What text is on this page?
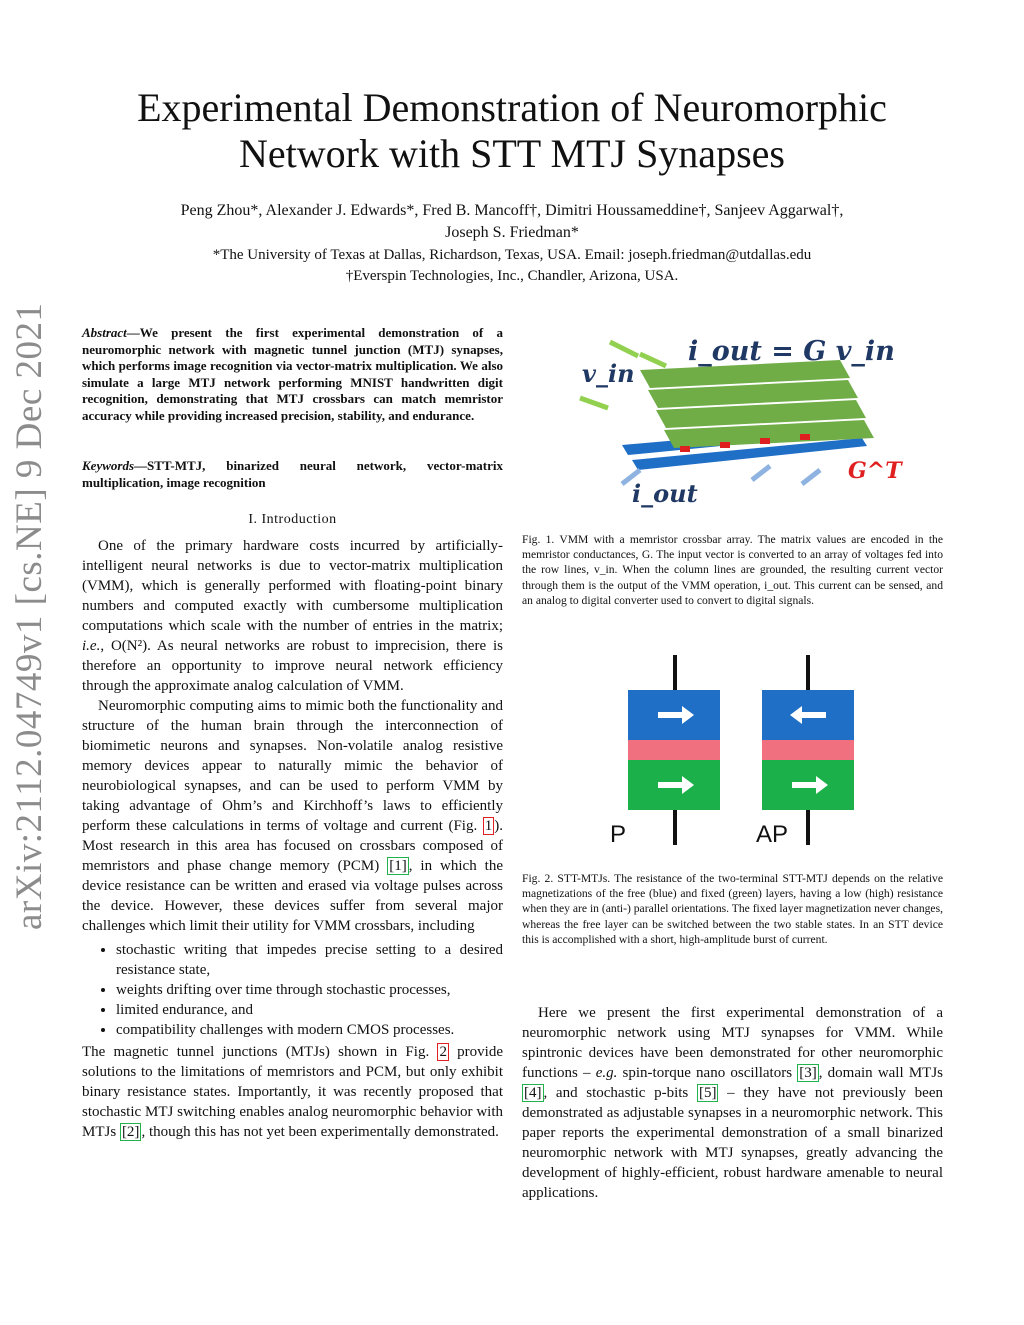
arXiv:2112.04749v1 [cs.NE] 9 Dec 2021
Experimental Demonstration of Neuromorphic
Network with STT MTJ Synapses
Peng Zhou*, Alexander J. Edwards*, Fred B. Mancoff†, Dimitri Houssameddine†, Sanjeev Aggarwal†,
Joseph S. Friedman*
*The University of Texas at Dallas, Richardson, Texas, USA. Email: joseph.friedman@utdallas.edu
†Everspin Technologies, Inc., Chandler, Arizona, USA.
Abstract—We present the first experimental demonstration of a neuromorphic network with magnetic tunnel junction (MTJ) synapses, which performs image recognition via vector-matrix multiplication. We also simulate a large MTJ network performing MNIST handwritten digit recognition, demonstrating that MTJ crossbars can match memristor accuracy while providing increased precision, stability, and endurance.
Keywords—STT-MTJ, binarized neural network, vector-matrix multiplication, image recognition
I. Introduction

One of the primary hardware costs incurred by artificially-intelligent neural networks is due to vector-matrix multiplication (VMM), which is generally performed with floating-point binary numbers and computed exactly with cumbersome multiplication computations which scale with the number of entries in the matrix; i.e., O(N²). As neural networks are robust to imprecision, there is therefore an opportunity to improve neural network efficiency through the approximate analog calculation of VMM.

Neuromorphic computing aims to mimic both the functionality and structure of the human brain through the interconnection of biomimetic neurons and synapses. Non-volatile analog resistive memory devices appear to naturally mimic the behavior of neurobiological synapses, and can be used to perform VMM by taking advantage of Ohm’s and Kirchhoff’s laws to efficiently perform these calculations in terms of voltage and current (Fig. 1 ). Most research in this area has focused on crossbars composed of memristors and phase change memory (PCM) [1] , in which the device resistance can be written and erased via voltage pulses across the device. However, these devices suffer from several major challenges which limit their utility for VMM crossbars, including

• stochastic writing that impedes precise setting to a desired resistance state,
• weights drifting over time through stochastic processes,
• limited endurance, and
• compatibility challenges with modern CMOS processes.

The magnetic tunnel junctions (MTJs) shown in Fig. 2 provide solutions to the limitations of memristors and PCM, but only exhibit binary resistance states. Importantly, it was recently proposed that stochastic MTJ switching enables analog neuromorphic behavior with MTJs [2] , though this has not yet been experimentally demonstrated.

i_out = G v_in
v_in
i_out
G^T
Fig. 1. VMM with a memristor crossbar array. The matrix values are encoded in the memristor conductances, G. The input vector is converted to an array of voltages fed into the row lines, v_in. When the column lines are grounded, the resulting current vector through them is the output of the VMM operation, i_out. This current can be sensed, and an analog to digital converter used to convert to digital signals.
P	AP
Fig. 2. STT-MTJs. The resistance of the two-terminal STT-MTJ depends on the relative magnetizations of the free (blue) and fixed (green) layers, having a low (high) resistance when they are in (anti-) parallel orientations. The fixed layer magnetization never changes, whereas the free layer can be switched between the two stable states. In an STT device this is accomplished with a short, high-amplitude burst of current.

Here we present the first experimental demonstration of a neuromorphic network using MTJ synapses for VMM. While spintronic devices have been demonstrated for other neuromorphic functions – e.g. spin-torque nano oscillators [3] , domain wall MTJs [4] , and stochastic p-bits [5] – they have not previously been demonstrated as adjustable synapses in a neuromorphic network. This paper reports the experimental demonstration of a small binarized neuromorphic network with MTJ synapses, greatly advancing the development of highly-efficient, robust hardware amenable to neural applications.
